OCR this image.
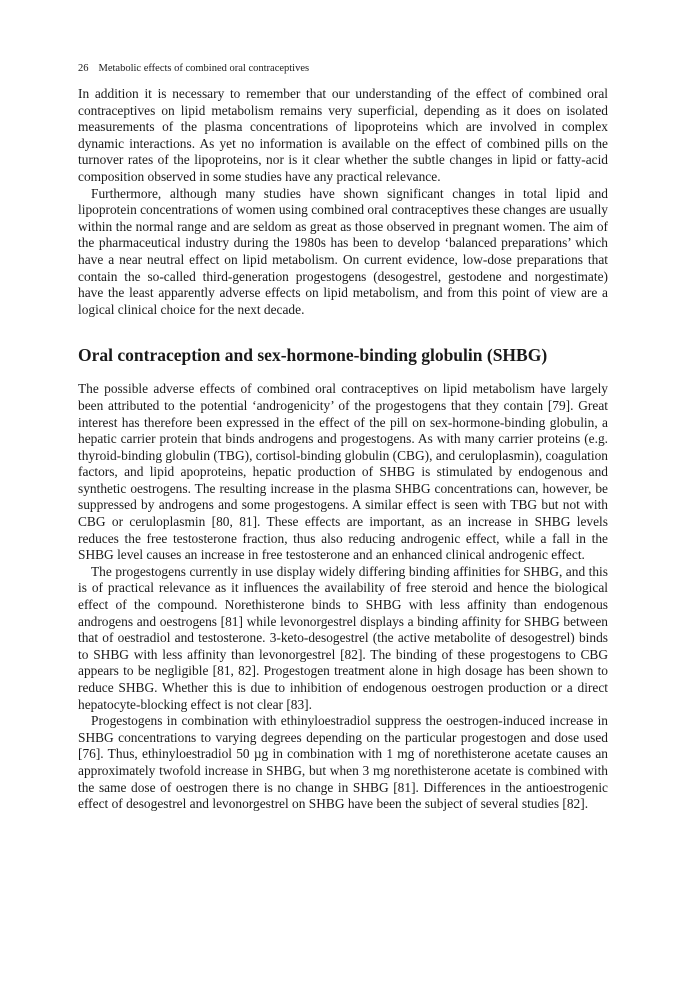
26 Metabolic effects of combined oral contraceptives

In addition it is necessary to remember that our understanding of the effect of combined oral contraceptives on lipid metabolism remains very superficial, depending as it does on isolated measurements of the plasma concentrations of lipoproteins which are involved in complex dynamic interactions. As yet no information is available on the effect of combined pills on the turnover rates of the lipoproteins, nor is it clear whether the subtle changes in lipid or fatty-acid composition observed in some studies have any practical relevance.

Furthermore, although many studies have shown significant changes in total lipid and lipoprotein concentrations of women using combined oral contraceptives these changes are usually within the normal range and are seldom as great as those observed in pregnant women. The aim of the pharmaceutical industry during the 1980s has been to develop ‘balanced preparations’ which have a near neutral effect on lipid metabolism. On current evidence, low-dose preparations that contain the so-called third-generation progestogens (desogestrel, gestodene and norgestimate) have the least apparently adverse effects on lipid metabolism, and from this point of view are a logical clinical choice for the next decade.

Oral contraception and sex-hormone-binding globulin (SHBG)

The possible adverse effects of combined oral contraceptives on lipid metabolism have largely been attributed to the potential ‘androgenicity’ of the progestogens that they contain [79]. Great interest has therefore been expressed in the effect of the pill on sex-hormone-binding globulin, a hepatic carrier protein that binds androgens and progestogens. As with many carrier proteins (e.g. thyroid-binding globulin (TBG), cortisol-binding globulin (CBG), and ceruloplasmin), coagulation factors, and lipid apoproteins, hepatic production of SHBG is stimulated by endogenous and synthetic oestrogens. The resulting increase in the plasma SHBG concentrations can, however, be suppressed by androgens and some progestogens. A similar effect is seen with TBG but not with CBG or ceruloplasmin [80, 81]. These effects are important, as an increase in SHBG levels reduces the free testosterone fraction, thus also reducing androgenic effect, while a fall in the SHBG level causes an increase in free testosterone and an enhanced clinical androgenic effect.

The progestogens currently in use display widely differing binding affinities for SHBG, and this is of practical relevance as it influences the availability of free steroid and hence the biological effect of the compound. Norethisterone binds to SHBG with less affinity than endogenous androgens and oestrogens [81] while levonorgestrel displays a binding affinity for SHBG between that of oestradiol and testosterone. 3-keto-desogestrel (the active metabolite of desogestrel) binds to SHBG with less affinity than levonorgestrel [82]. The binding of these progestogens to CBG appears to be negligible [81, 82]. Progestogen treatment alone in high dosage has been shown to reduce SHBG. Whether this is due to inhibition of endogenous oestrogen production or a direct hepatocyte-blocking effect is not clear [83].

Progestogens in combination with ethinyloestradiol suppress the oestrogen-induced increase in SHBG concentrations to varying degrees depending on the particular progestogen and dose used [76]. Thus, ethinyloestradiol 50 µg in combination with 1 mg of norethisterone acetate causes an approximately twofold increase in SHBG, but when 3 mg norethisterone acetate is combined with the same dose of oestrogen there is no change in SHBG [81]. Differences in the antioestrogenic effect of desogestrel and levonorgestrel on SHBG have been the subject of several studies [82].
